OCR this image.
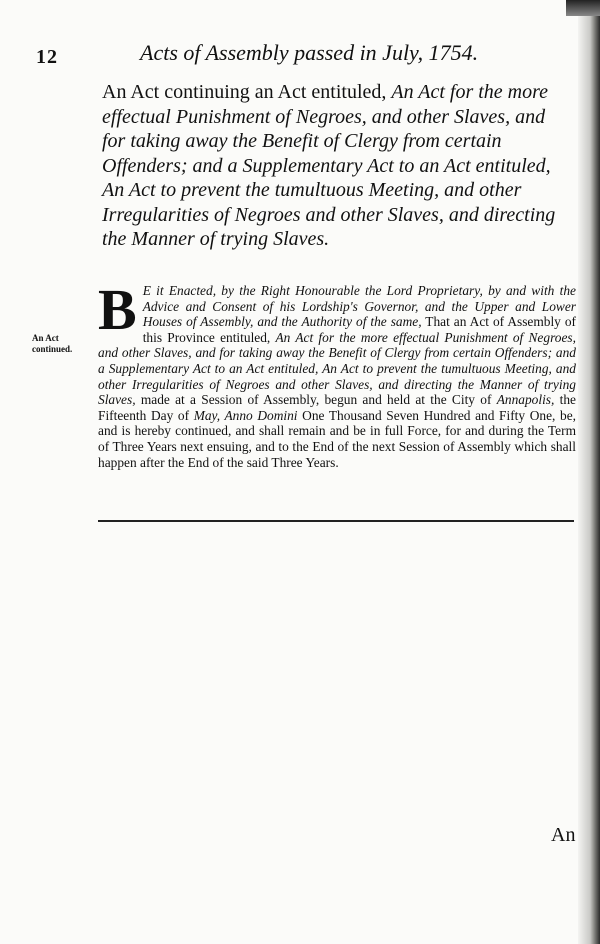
12	Acts of Assembly passed in July, 1754.
An Act continuing an Act entituled, An Act for the more effectual Punishment of Negroes, and other Slaves, and for taking away the Benefit of Clergy from certain Offenders; and a Supplementary Act to an Act entituled, An Act to prevent the tumultuous Meeting, and other Irregularities of Negroes and other Slaves, and directing the Manner of trying Slaves.
An Act continued.
B E it Enacted, by the Right Honourable the Lord Proprietary, by and with the Advice and Consent of his Lordship's Governor, and the Upper and Lower Houses of Assembly, and the Authority of the same, That an Act of Assembly of this Province entituled, An Act for the more effectual Punishment of Negroes, and other Slaves, and for taking away the Benefit of Clergy from certain Offenders; and a Supplementary Act to an Act entituled, An Act to prevent the tumultuous Meeting, and other Irregularities of Negroes and other Slaves, and directing the Manner of trying Slaves, made at a Session of Assembly, begun and held at the City of Annapolis, the Fifteenth Day of May, Anno Domini One Thousand Seven Hundred and Fifty One, be, and is hereby continued, and shall remain and be in full Force, for and during the Term of Three Years next ensuing, and to the End of the next Session of Assembly which shall happen after the End of the said Three Years.
An
